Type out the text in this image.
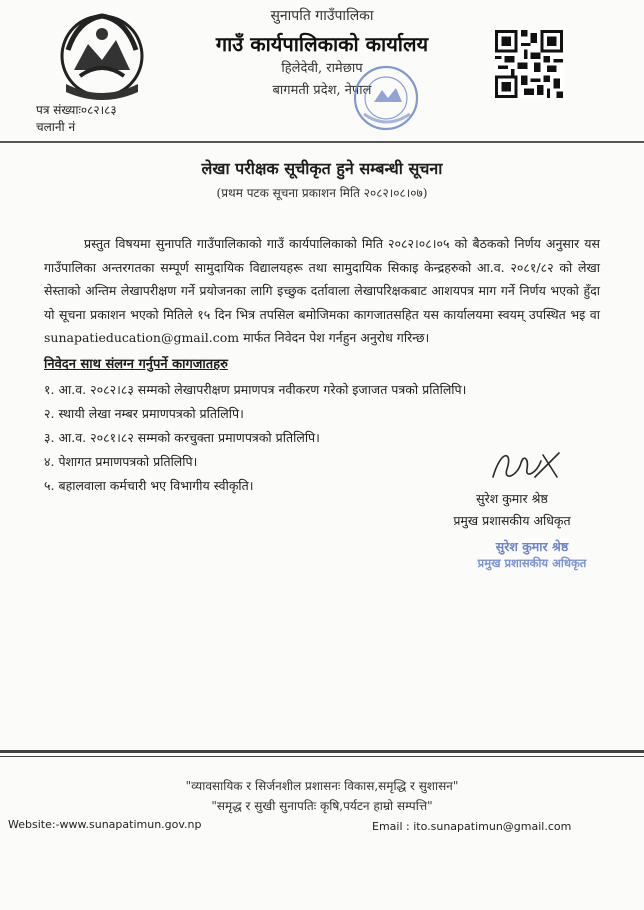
सुनापति गाउँपालिका
गाउँ कार्यपालिकाको कार्यालय
हिलेदेवी, रामेछाप
बागमती प्रदेश, नेपाल
पत्र संख्याः०८२।८३
चलानी नं
लेखा परीक्षक सूचीकृत हुने सम्बन्धी सूचना
(प्रथम पटक सूचना प्रकाशन मिति २०८२।०८।०७)
प्रस्तुत विषयमा सुनापति गाउँपालिकाको गाउँ कार्यपालिकाको मिति २०८२।०८।०५ को बैठकको निर्णय अनुसार यस गाउँपालिका अन्तरगतका सम्पूर्ण सामुदायिक विद्यालयहरू तथा सामुदायिक सिकाइ केन्द्रहरुको आ.व. २०८१/८२ को लेखा सेस्ताको अन्तिम लेखापरीक्षण गर्ने प्रयोजनका लागि इच्छुक दर्तावाला लेखापरिक्षकबाट आशयपत्र माग गर्ने निर्णय भएको हुँदा यो सूचना प्रकाशन भएको मितिले १५ दिन भित्र तपसिल बमोजिमका कागजातसहित यस कार्यालयमा स्वयम् उपस्थित भइ वा sunapatieducation@gmail.com मार्फत निवेदन पेश गर्नहुन अनुरोध गरिन्छ।
निवेदन साथ संलग्न गर्नुपर्ने कागजातहरु
१. आ.व. २०८२।८३ सम्मको लेखापरीक्षण प्रमाणपत्र नवीकरण गरेको इजाजत पत्रको प्रतिलिपि।
२. स्थायी लेखा नम्बर प्रमाणपत्रको प्रतिलिपि।
३. आ.व. २०८१।८२ सम्मको करचुक्ता प्रमाणपत्रको प्रतिलिपि।
४. पेशागत प्रमाणपत्रको प्रतिलिपि।
५. बहालवाला कर्मचारी भए विभागीय स्वीकृति।
सुरेश कुमार श्रेष्ठ
प्रमुख प्रशासकीय अधिकृत
सुरेश कुमार श्रेष्ठ
प्रमुख प्रशासकीय अधिकृत
"व्यावसायिक र सिर्जनशील प्रशासनः विकास,समृद्धि र सुशासन"
"समृद्ध र सुखी सुनापतिः कृषि,पर्यटन हाम्रो सम्पत्ति"
Website:-www.sunapatimun.gov.np	Email : ito.sunapatimun@gmail.com
